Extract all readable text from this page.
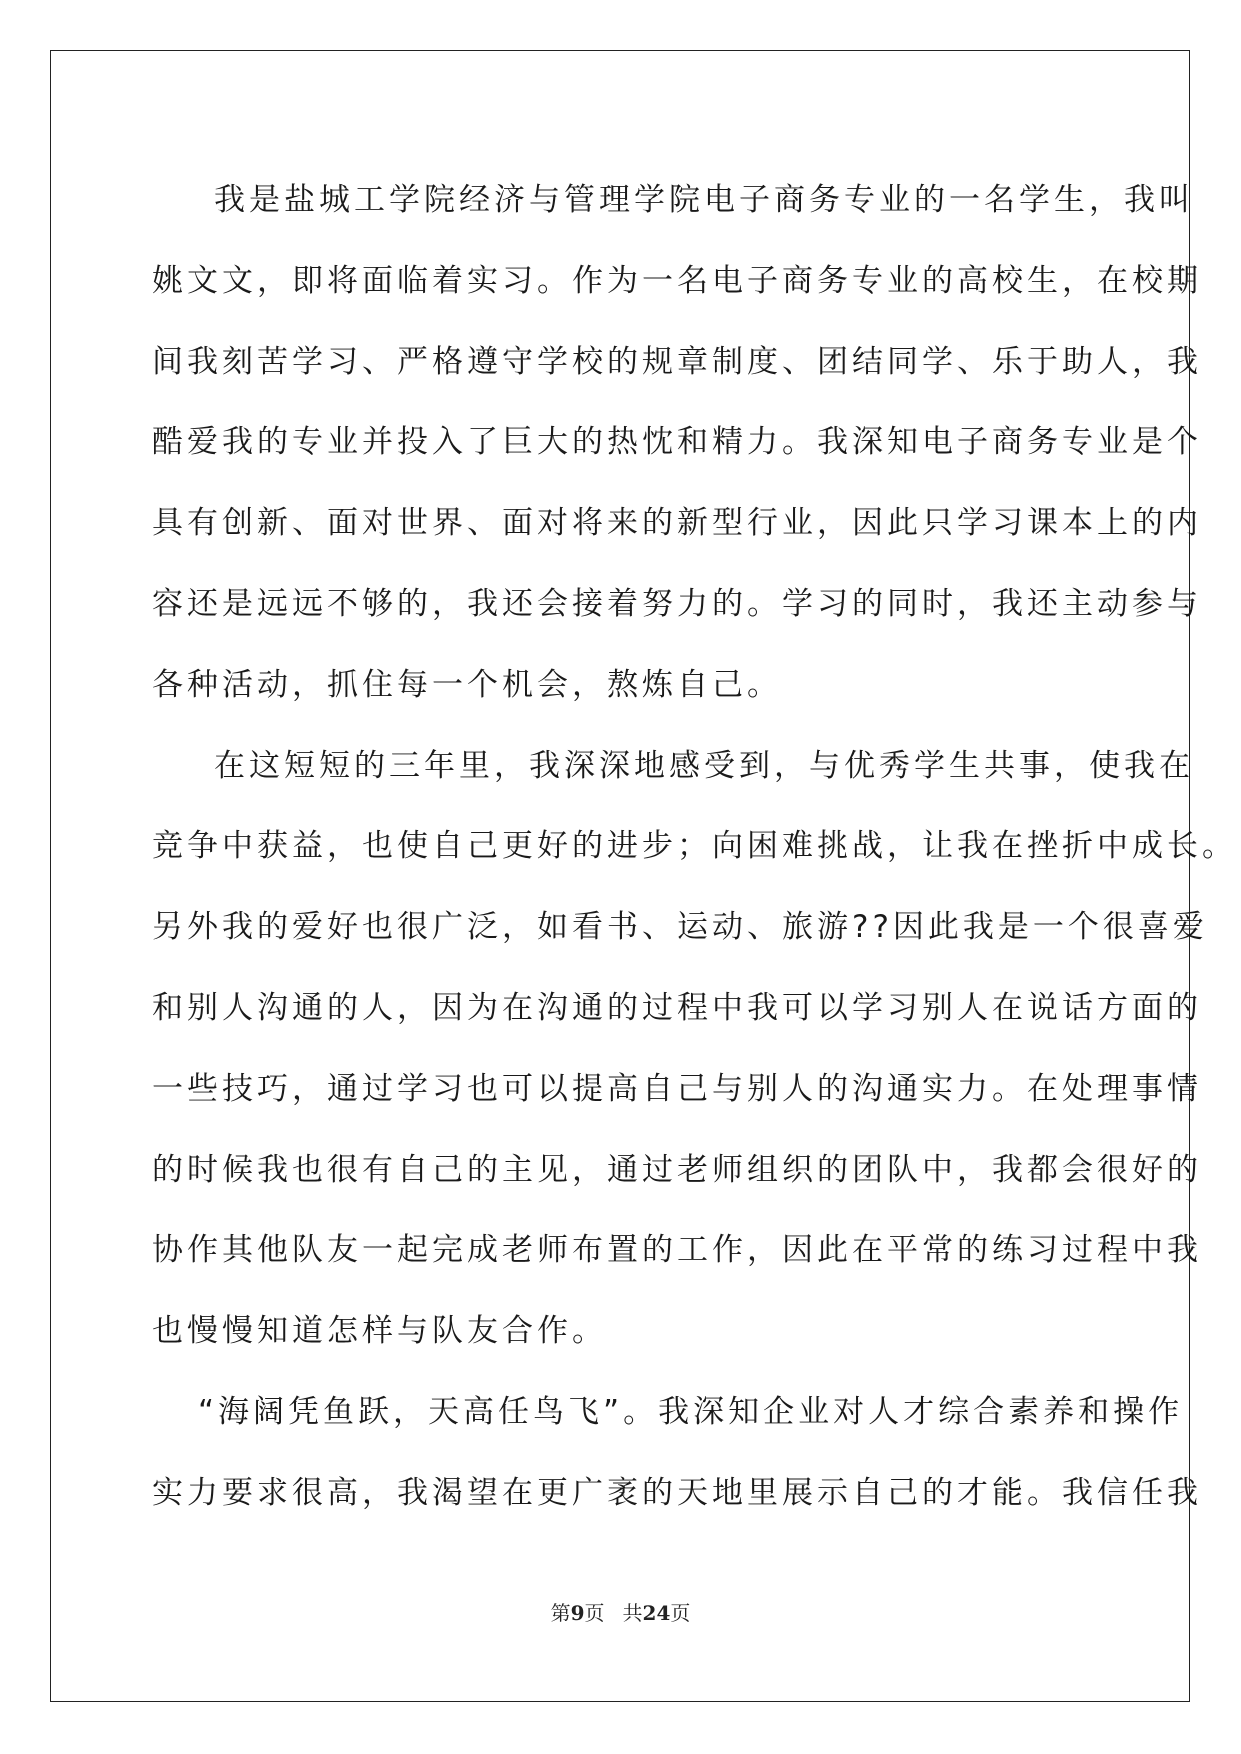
我是盐城工学院经济与管理学院电子商务专业的一名学生，我叫
姚文文，即将面临着实习。作为一名电子商务专业的高校生，在校期
间我刻苦学习、严格遵守学校的规章制度、团结同学、乐于助人，我
酷爱我的专业并投入了巨大的热忱和精力。我深知电子商务专业是个
具有创新、面对世界、面对将来的新型行业，因此只学习课本上的内
容还是远远不够的，我还会接着努力的。学习的同时，我还主动参与
各种活动，抓住每一个机会，熬炼自己。
在这短短的三年里，我深深地感受到，与优秀学生共事，使我在
竞争中获益，也使自己更好的进步；向困难挑战，让我在挫折中成长。
另外我的爱好也很广泛，如看书、运动、旅游??因此我是一个很喜爱
和别人沟通的人，因为在沟通的过程中我可以学习别人在说话方面的
一些技巧，通过学习也可以提高自己与别人的沟通实力。在处理事情
的时候我也很有自己的主见，通过老师组织的团队中，我都会很好的
协作其他队友一起完成老师布置的工作，因此在平常的练习过程中我
也慢慢知道怎样与队友合作。
“海阔凭鱼跃，天高任鸟飞”。我深知企业对人才综合素养和操作
实力要求很高，我渴望在更广袤的天地里展示自己的才能。我信任我
第9页 共24页
